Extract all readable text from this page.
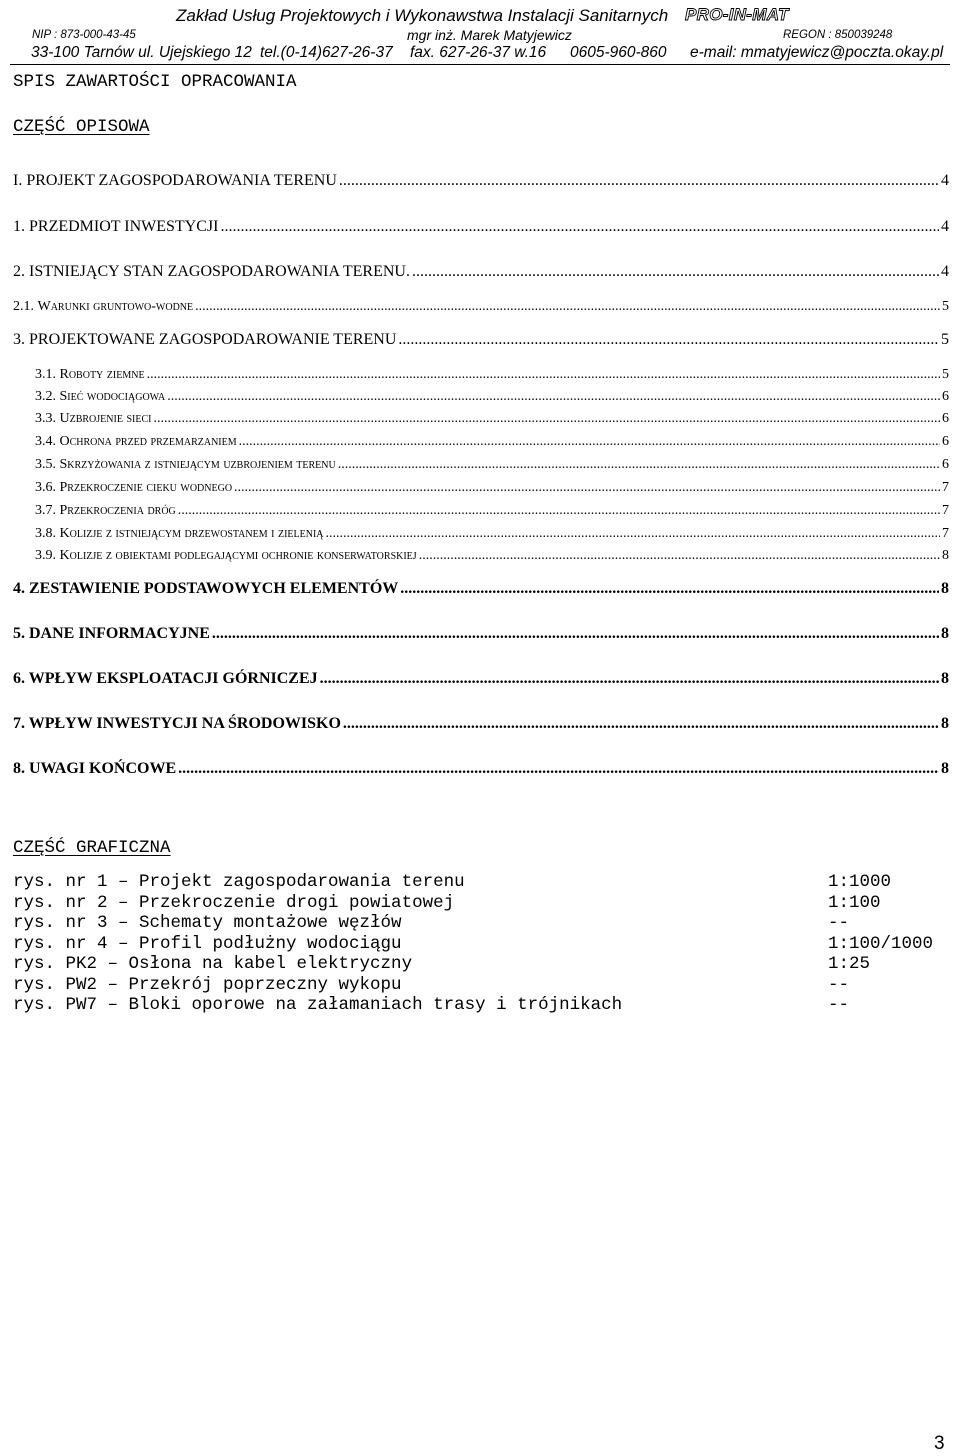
Zakład Usług Projektowych i Wykonawstwa Instalacji Sanitarnych PRO-IN-MAT
NIP : 873-000-43-45	mgr inż. Marek Matyjewicz	REGON : 850039248
33-100 Tarnów ul. Ujejskiego 12 tel.(0-14)627-26-37 fax. 627-26-37 w.16 0605-960-860 e-mail: mmatyjewicz@poczta.okay.pl
SPIS ZAWARTOŚCI OPRACOWANIA
CZĘŚĆ OPISOWA
I. PROJEKT ZAGOSPODAROWANIA TERENU .....	4
1. PRZEDMIOT INWESTYCJI .....	4
2. ISTNIEJĄCY STAN ZAGOSPODAROWANIA TERENU. .....	4
2.1. Warunki gruntowo-wodne .....	5
3. PROJEKTOWANE ZAGOSPODAROWANIE TERENU .....	5
3.1. Roboty ziemne .....	5
3.2. Sieć wodociągowa .....	6
3.3. Uzbrojenie sieci .....	6
3.4. Ochrona przed przemarzaniem .....	6
3.5. Skrzyżowania z istniejącym uzbrojeniem terenu .....	6
3.6. Przekroczenie cieku wodnego .....	7
3.7. Przekroczenia dróg .....	7
3.8. Kolizje z istniejącym drzewostanem i zielenią .....	7
3.9. Kolizje z obiektami podlegającymi ochronie konserwatorskiej .....	8
4. ZESTAWIENIE PODSTAWOWYCH ELEMENTÓW .....	8
5. DANE INFORMACYJNE .....	8
6. WPŁYW EKSPLOATACJI GÓRNICZEJ .....	8
7. WPŁYW INWESTYCJI NA ŚRODOWISKO .....	8
8. UWAGI KOŃCOWE .....	8
CZĘŚĆ GRAFICZNA
rys. nr 1 – Projekt zagospodarowania terenu	1:1000
rys. nr 2 – Przekroczenie drogi powiatowej	1:100
rys. nr 3 – Schematy montażowe węzłów	--
rys. nr 4 – Profil podłużny wodociągu	1:100/1000
rys. PK2 – Osłona na kabel elektryczny	1:25
rys. PW2 – Przekrój poprzeczny wykopu	--
rys. PW7 – Bloki oporowe na załamaniach trasy i trójnikach	--
3
